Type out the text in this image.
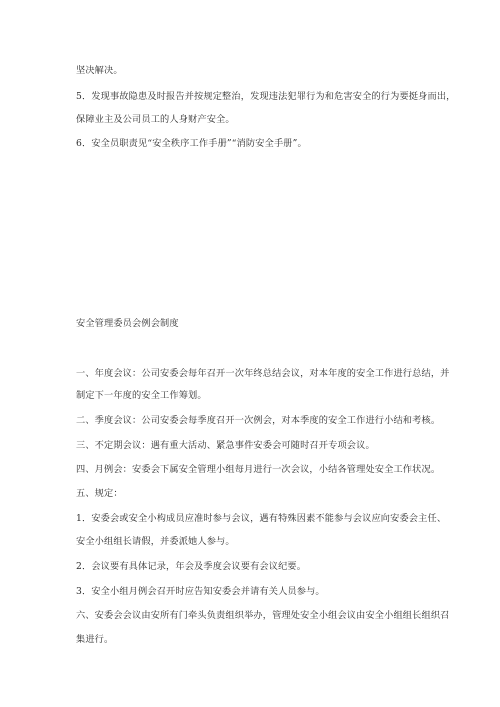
坚决解决。
5．发现事故隐患及时报告并按规定整治，发现违法犯罪行为和危害安全的行为要挺身而出，
保障业主及公司员工的人身财产安全。
6．安全员职责见“安全秩序工作手册”“消防安全手册”。
安全管理委员会例会制度
一、年度会议：公司安委会每年召开一次年终总结会议，对本年度的安全工作进行总结，并
制定下一年度的安全工作筹划。
二、季度会议：公司安委会每季度召开一次例会，对本季度的安全工作进行小结和考核。
三、不定期会议：遇有重大活动、紧急事件安委会可随时召开专项会议。
四、月例会：安委会下属安全管理小组每月进行一次会议，小结各管理处安全工作状况。
五、规定：
1．安委会或安全小构成员应准时参与会议，遇有特殊因素不能参与会议应向安委会主任、
安全小组组长请假，并委派她人参与。
2．会议要有具体记录，年会及季度会议要有会议纪要。
3．安全小组月例会召开时应告知安委会并请有关人员参与。
六、安委会会议由安所有门牵头负责组织举办，管理处安全小组会议由安全小组组长组织召
集进行。
